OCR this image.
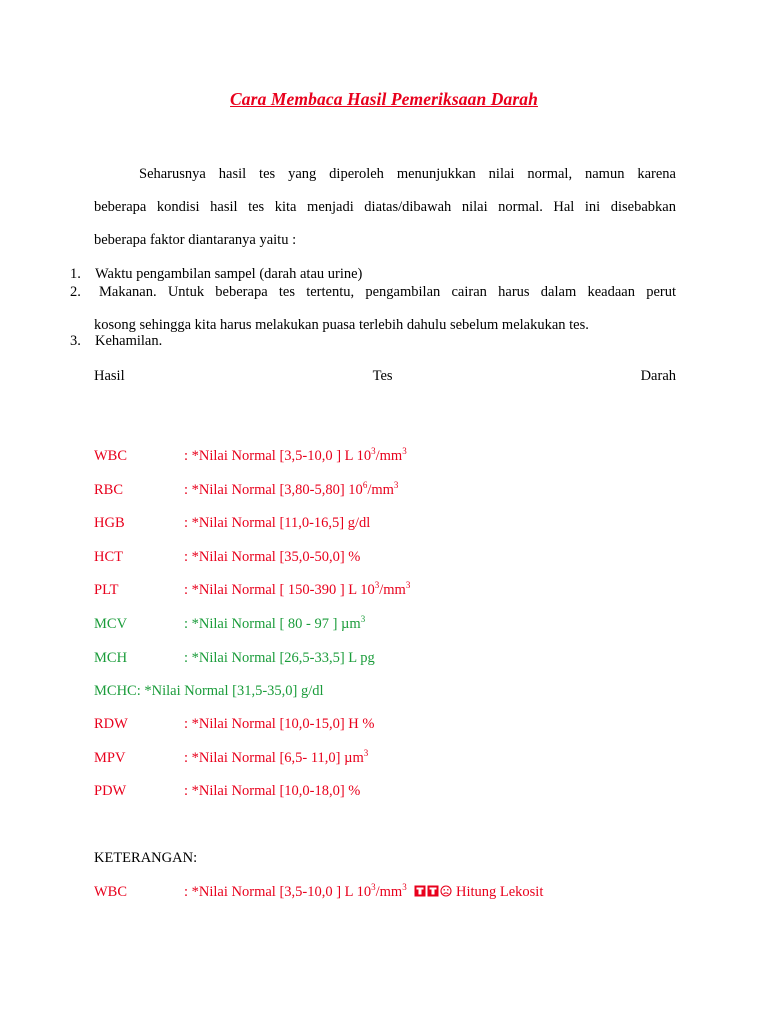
Cara Membaca Hasil Pemeriksaan Darah
Seharusnya hasil tes yang diperoleh menunjukkan nilai normal, namun karena
beberapa kondisi hasil tes kita menjadi diatas/dibawah nilai normal. Hal ini disebabkan
beberapa faktor diantaranya yaitu :
1. Waktu pengambilan sampel (darah atau urine)
2.	Makanan. Untuk beberapa tes tertentu, pengambilan cairan harus dalam keadaan perut
kosong sehingga kita harus melakukan puasa terlebih dahulu sebelum melakukan tes.
3. Kehamilan.
Hasil	Tes	Darah
WBC	: *Nilai Normal [3,5-10,0 ] L $10^3/mm^3$
RBC	: *Nilai Normal [3,80-5,80] $10^6/mm^3$
HGB	: *Nilai Normal [11,0-16,5] g/dl
HCT	: *Nilai Normal [35,0-50,0] %
PLT	: *Nilai Normal [ 150-390 ] L $10^3/mm^3$
MCV	: *Nilai Normal [ 80 - 97 ] µm$^3$
MCH	: *Nilai Normal [26,5-33,5] L pg
MCHC: *Nilai Normal [31,5-35,0] g/dl
RDW	: *Nilai Normal [10,0-15,0] H %
MPV	: *Nilai Normal [6,5- 11,0] µm$^3$
PDW	: *Nilai Normal [10,0-18,0] %
KETERANGAN:
WBC	: *Nilai Normal [3,5-10,0 ] L $10^3/mm^3$	Hitung Lekosit
